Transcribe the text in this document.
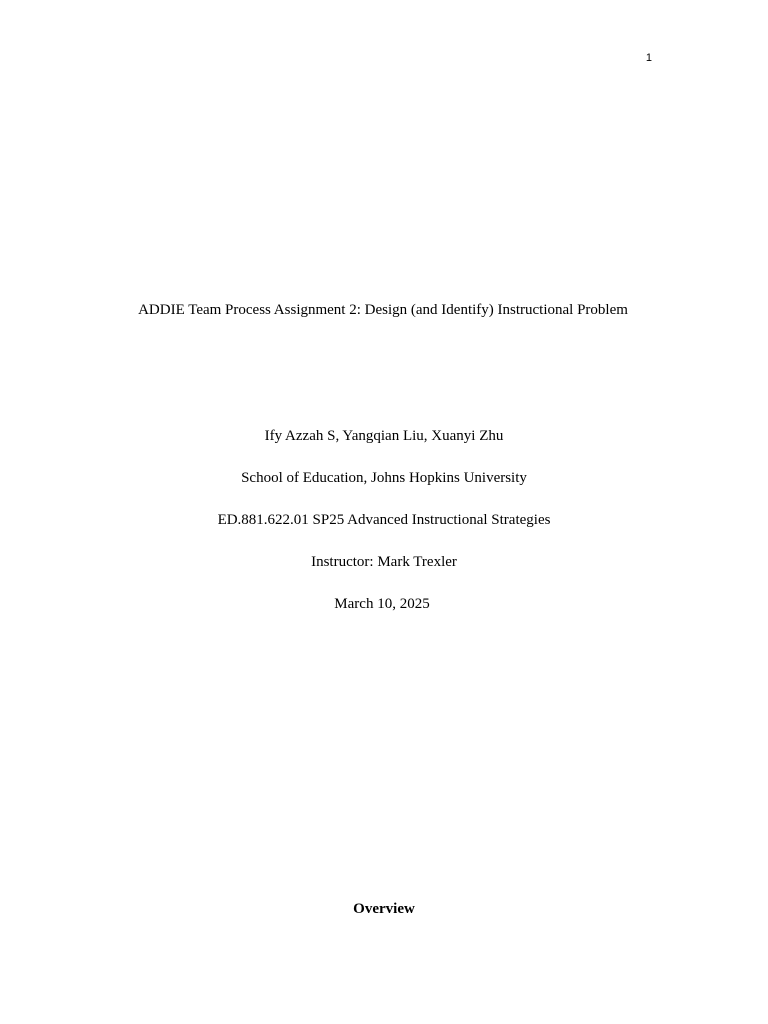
1
ADDIE Team Process Assignment 2: Design (and Identify) Instructional Problem
Ify Azzah S, Yangqian Liu, Xuanyi Zhu
School of Education, Johns Hopkins University
ED.881.622.01 SP25 Advanced Instructional Strategies
Instructor: Mark Trexler
March 10, 2025
Overview
